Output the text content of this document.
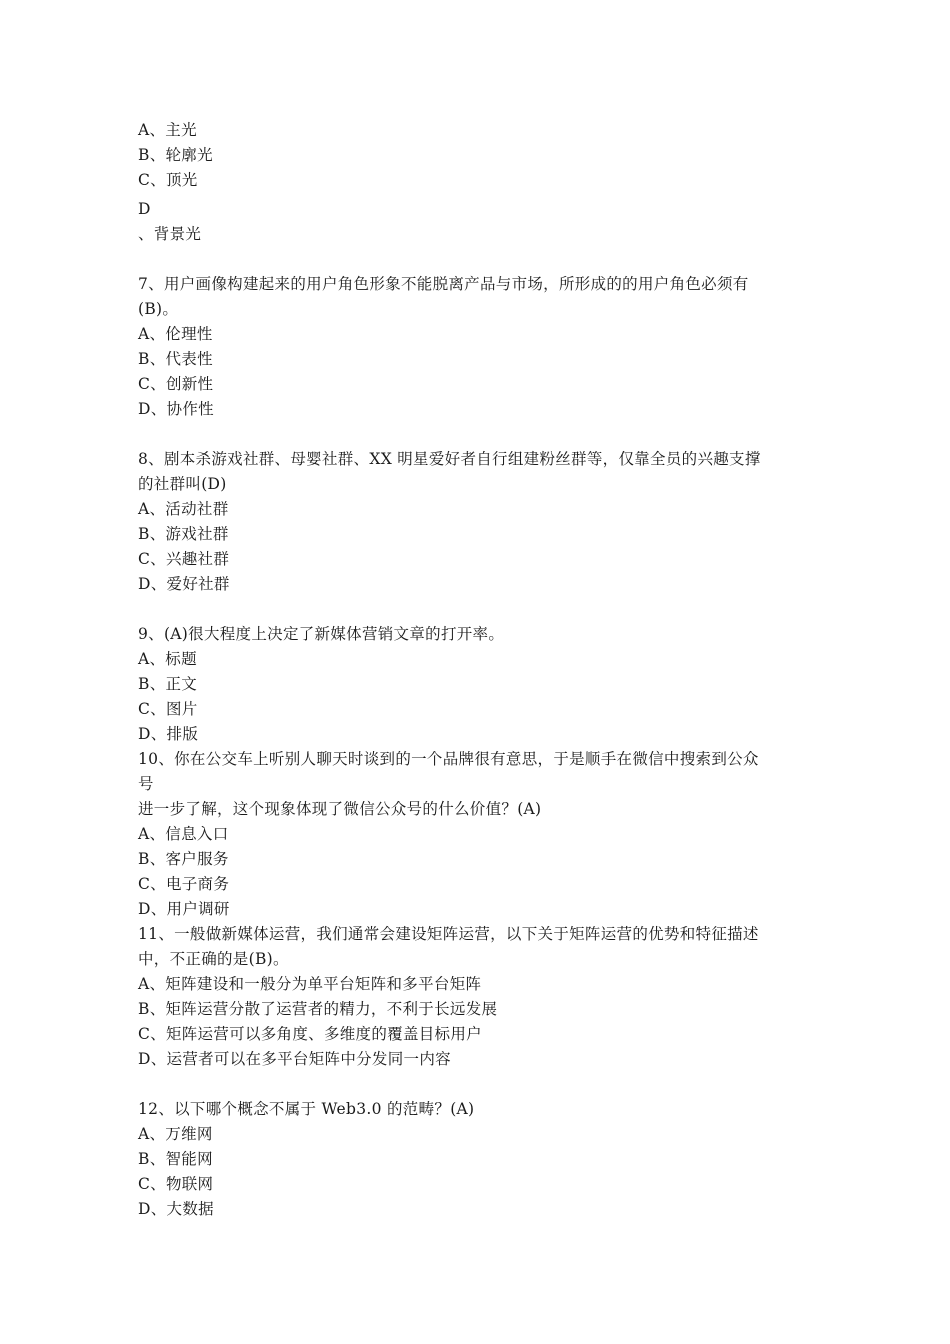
A、主光
B、轮廓光
C、顶光
D
、背景光
7、用户画像构建起来的用户角色形象不能脱离产品与市场，所形成的的用户角色必须有
(B)。
A、伦理性
B、代表性
C、创新性
D、协作性
8、剧本杀游戏社群、母婴社群、XX 明星爱好者自行组建粉丝群等，仅靠全员的兴趣支撑
的社群叫(D)
A、活动社群
B、游戏社群
C、兴趣社群
D、爱好社群
9、(A)很大程度上决定了新媒体营销文章的打开率。
A、标题
B、正文
C、图片
D、排版
10、你在公交车上听别人聊天时谈到的一个品牌很有意思，于是顺手在微信中搜索到公众
号
进一步了解，这个现象体现了微信公众号的什么价值？(A)
A、信息入口
B、客户服务
C、电子商务
D、用户调研
11、一般做新媒体运营，我们通常会建设矩阵运营，以下关于矩阵运营的优势和特征描述
中，不正确的是(B)。
A、矩阵建设和一般分为单平台矩阵和多平台矩阵
B、矩阵运营分散了运营者的精力，不利于长远发展
C、矩阵运营可以多角度、多维度的覆盖目标用户
D、运营者可以在多平台矩阵中分发同一内容
12、以下哪个概念不属于 Web3.0 的范畴？(A)
A、万维网
B、智能网
C、物联网
D、大数据
